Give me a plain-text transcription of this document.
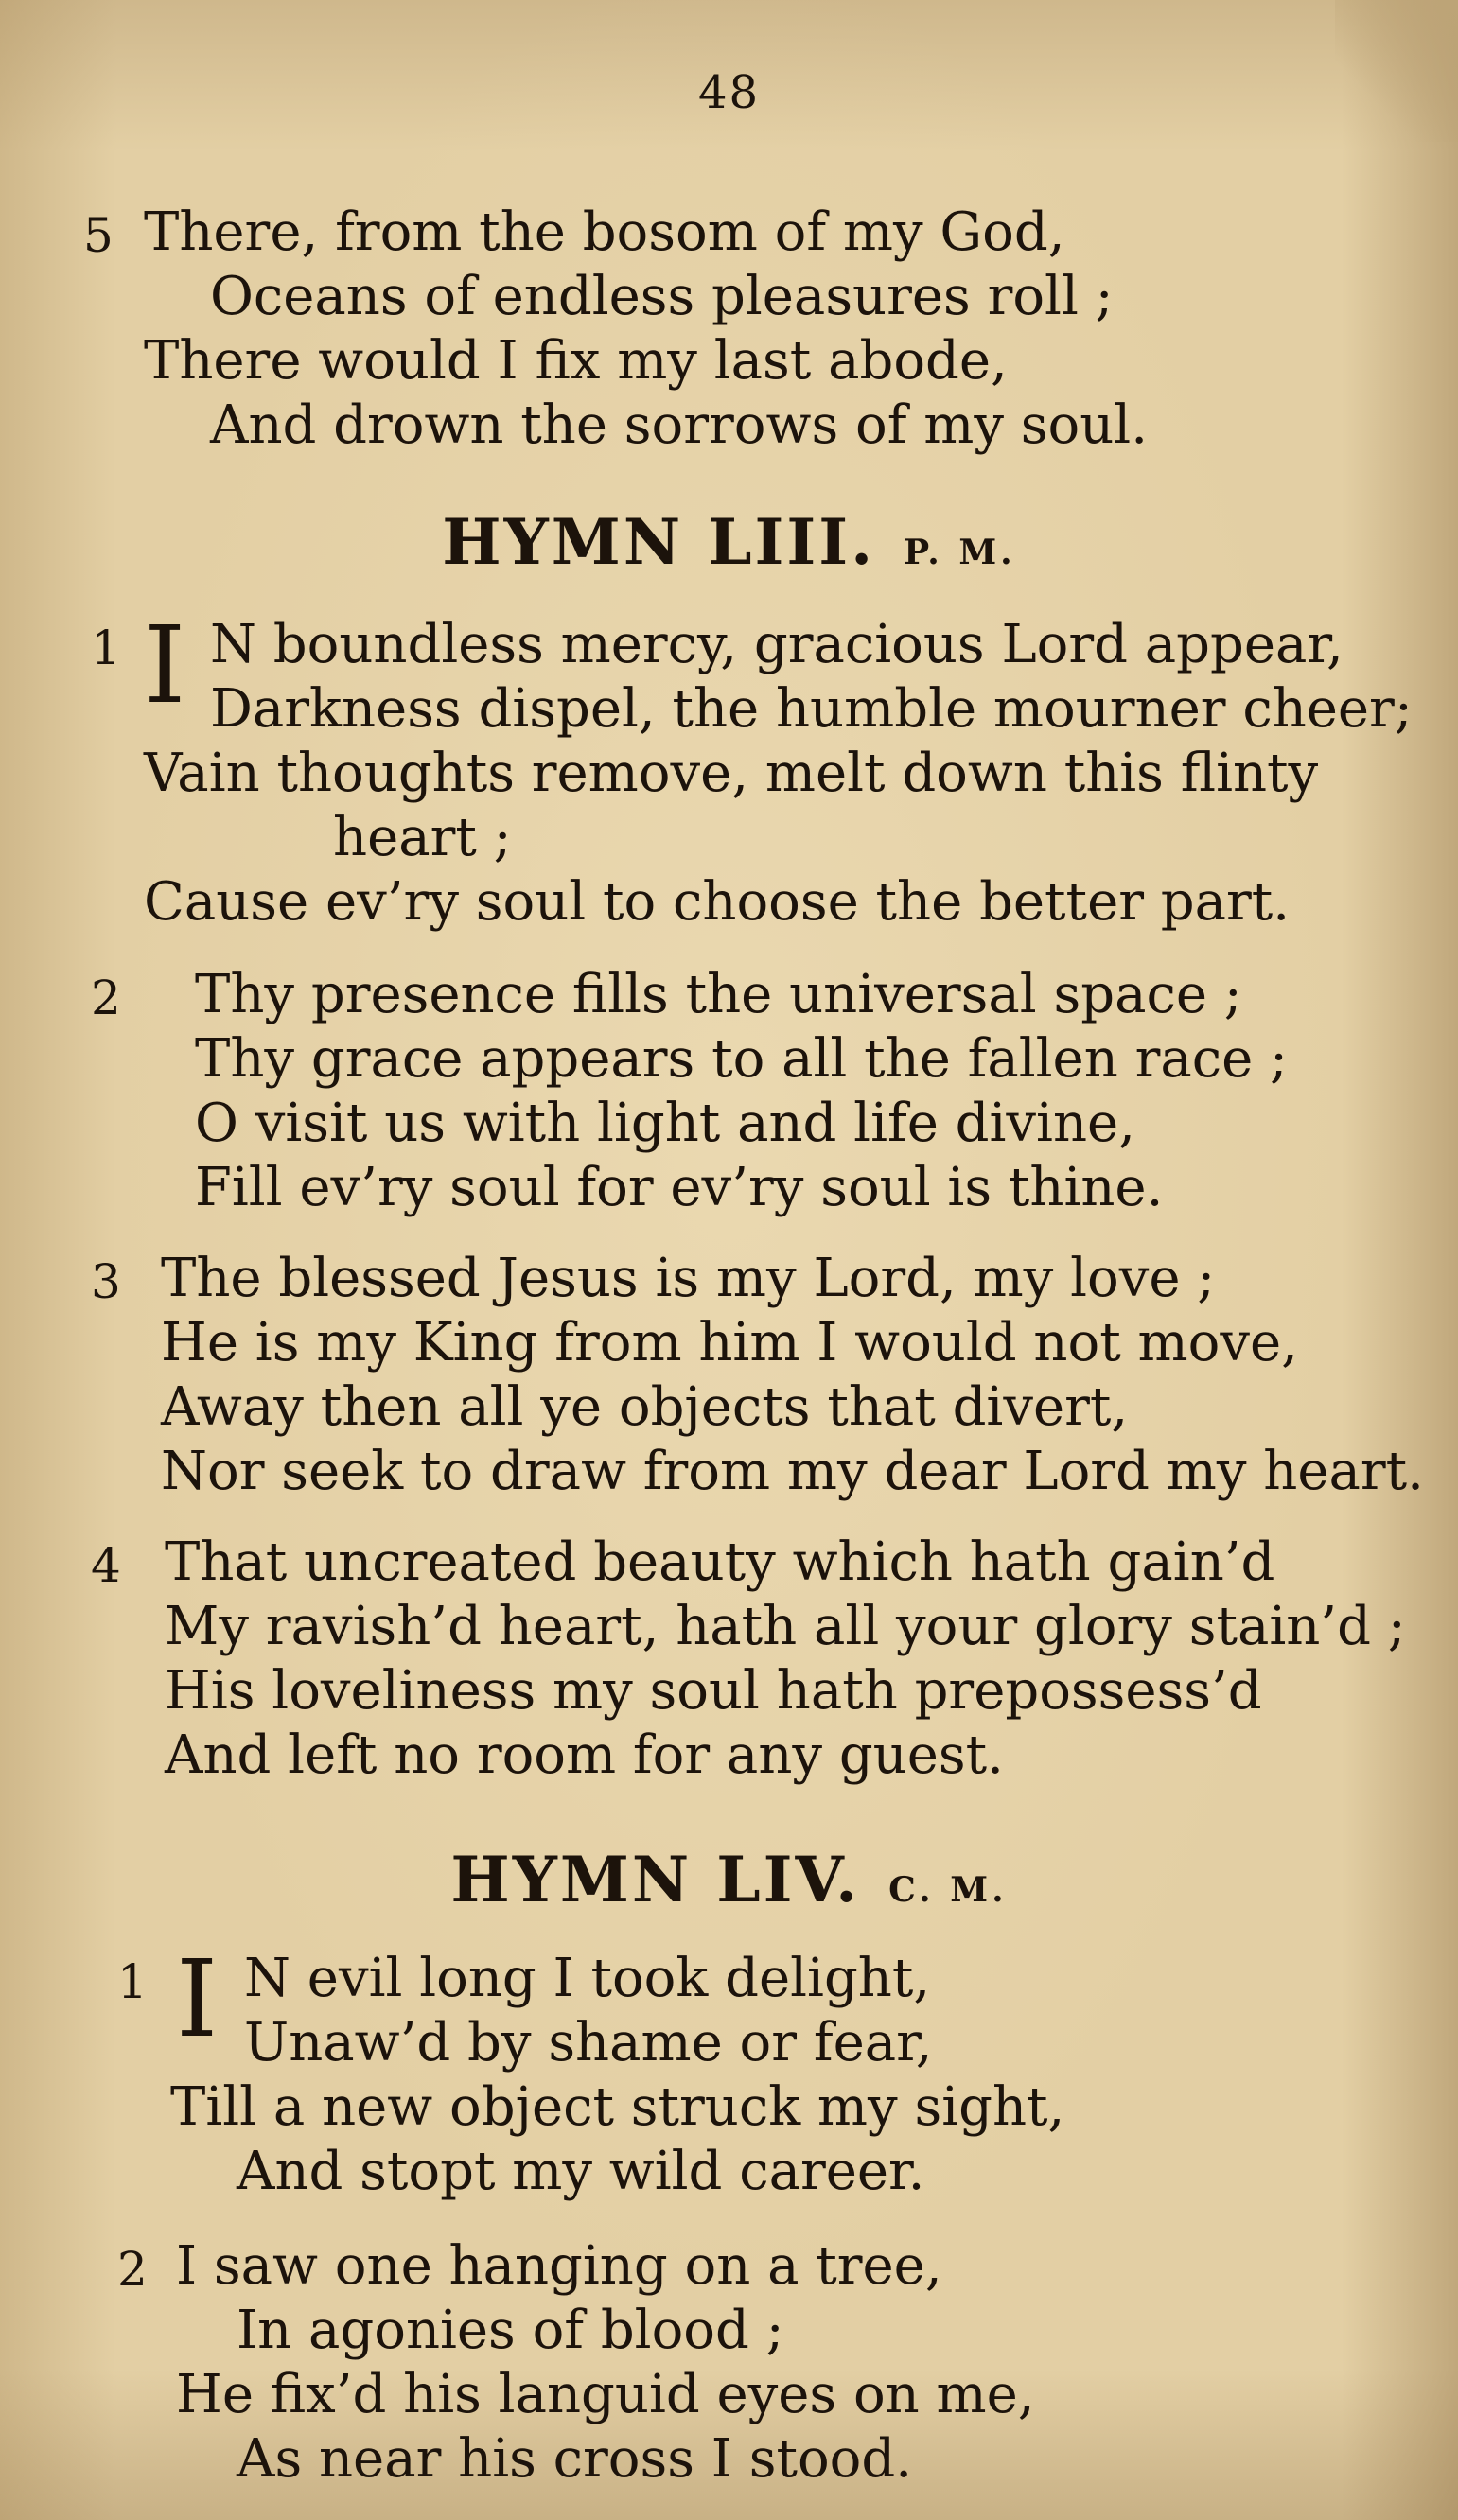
48
5 There, from the bosom of my God,
Oceans of endless pleasures roll ;
There would I fix my last abode,
And drown the sorrows of my soul.
HYMN LIII. P. M.
1 I N boundless mercy, gracious Lord appear,
Darkness dispel, the humble mourner cheer;
Vain thoughts remove, melt down this flinty
heart ;
Cause ev’ry soul to choose the better part.
2 Thy presence fills the universal space ;
Thy grace appears to all the fallen race ;
O visit us with light and life divine,
Fill ev’ry soul for ev’ry soul is thine.
3 The blessed Jesus is my Lord, my love ;
He is my King from him I would not move,
Away then all ye objects that divert,
Nor seek to draw from my dear Lord my heart.
4 That uncreated beauty which hath gain’d
My ravish’d heart, hath all your glory stain’d ;
His loveliness my soul hath prepossess’d
And left no room for any guest.
HYMN LIV. C. M.
1 I N evil long I took delight,
Unaw’d by shame or fear,
Till a new object struck my sight,
And stopt my wild career.
2 I saw one hanging on a tree,
In agonies of blood ;
He fix’d his languid eyes on me,
As near his cross I stood.
